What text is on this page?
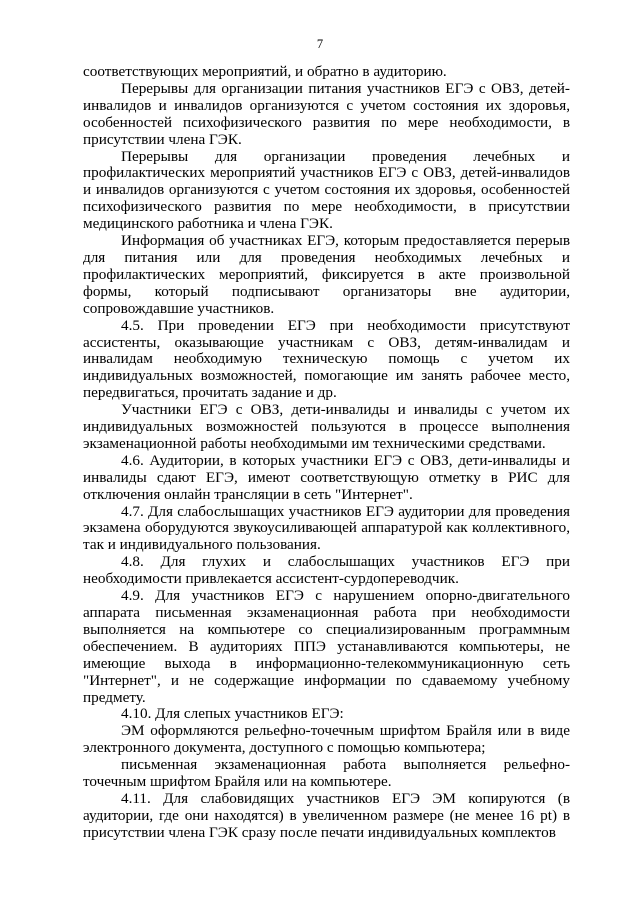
7

соответствующих мероприятий, и обратно в аудиторию.

Перерывы для организации питания участников ЕГЭ с ОВЗ, детей-инвалидов и инвалидов организуются с учетом состояния их здоровья, особенностей психофизического развития по мере необходимости, в присутствии члена ГЭК.

Перерывы для организации проведения лечебных и профилактических мероприятий участников ЕГЭ с ОВЗ, детей-инвалидов и инвалидов организуются с учетом состояния их здоровья, особенностей психофизического развития по мере необходимости, в присутствии медицинского работника и члена ГЭК.

Информация об участниках ЕГЭ, которым предоставляется перерыв для питания или для проведения необходимых лечебных и профилактических мероприятий, фиксируется в акте произвольной формы, который подписывают организаторы вне аудитории, сопровождавшие участников.

4.5. При проведении ЕГЭ при необходимости присутствуют ассистенты, оказывающие участникам с ОВЗ, детям-инвалидам и инвалидам необходимую техническую помощь с учетом их индивидуальных возможностей, помогающие им занять рабочее место, передвигаться, прочитать задание и др.

Участники ЕГЭ с ОВЗ, дети-инвалиды и инвалиды с учетом их индивидуальных возможностей пользуются в процессе выполнения экзаменационной работы необходимыми им техническими средствами.

4.6. Аудитории, в которых участники ЕГЭ с ОВЗ, дети-инвалиды и инвалиды сдают ЕГЭ, имеют соответствующую отметку в РИС для отключения онлайн трансляции в сеть "Интернет".

4.7. Для слабослышащих участников ЕГЭ аудитории для проведения экзамена оборудуются звукоусиливающей аппаратурой как коллективного, так и индивидуального пользования.

4.8. Для глухих и слабослышащих участников ЕГЭ при необходимости привлекается ассистент-сурдопереводчик.

4.9. Для участников ЕГЭ с нарушением опорно-двигательного аппарата письменная экзаменационная работа при необходимости выполняется на компьютере со специализированным программным обеспечением. В аудиториях ППЭ устанавливаются компьютеры, не имеющие выхода в информационно-телекоммуникационную сеть "Интернет", и не содержащие информации по сдаваемому учебному предмету.

4.10. Для слепых участников ЕГЭ:

ЭМ оформляются рельефно-точечным шрифтом Брайля или в виде электронного документа, доступного с помощью компьютера;

письменная экзаменационная работа выполняется рельефно-точечным шрифтом Брайля или на компьютере.

4.11. Для слабовидящих участников ЕГЭ ЭМ копируются (в аудитории, где они находятся) в увеличенном размере (не менее 16 pt) в присутствии члена ГЭК сразу после печати индивидуальных комплектов
